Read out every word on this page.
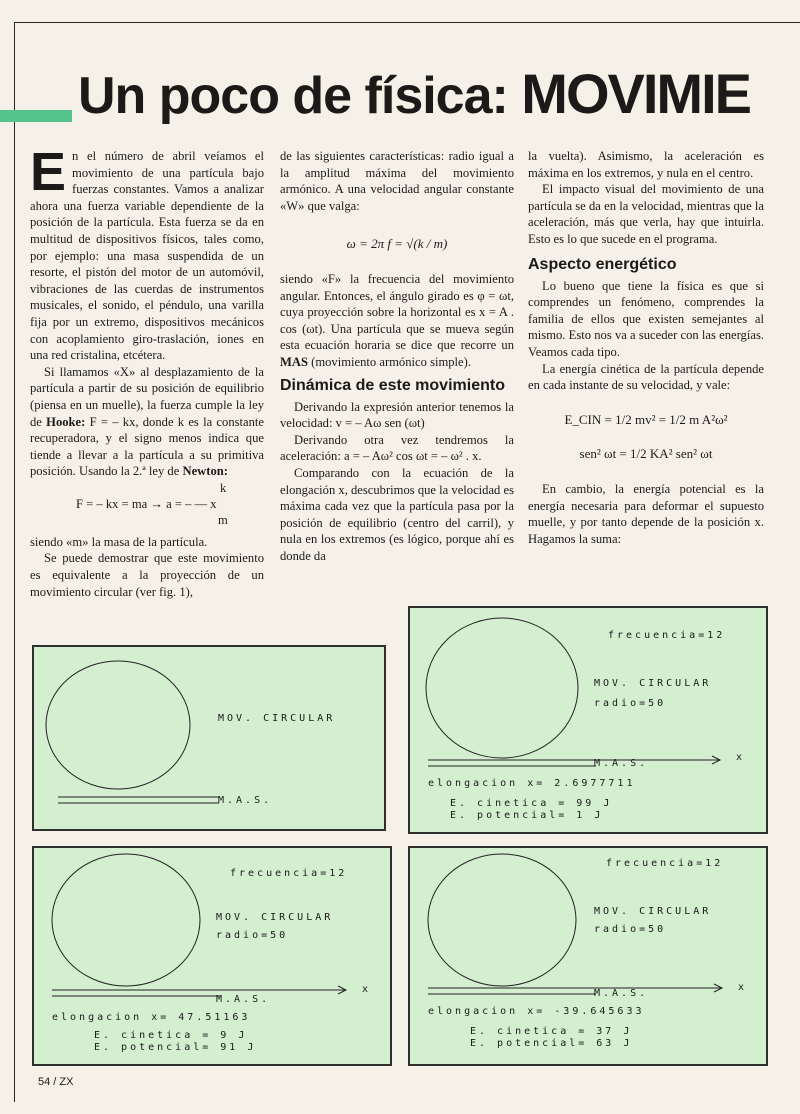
Un poco de física: MOVIMIE

En el número de abril veíamos el movimiento de una partícula bajo fuerzas constantes. Vamos a analizar ahora una fuerza variable dependiente de la posición de la partícula. Esta fuerza se da en multitud de dispositivos físicos, tales como, por ejemplo: una masa suspendida de un resorte, el pistón del motor de un automóvil, vibraciones de las cuerdas de instrumentos musicales, el sonido, el péndulo, una varilla fija por un extremo, dispositivos mecánicos con acoplamiento giro-traslación, iones en una red cristalina, etcétera.

Si llamamos «X» al desplazamiento de la partícula a partir de su posición de equilibrio (piensa en un muelle), la fuerza cumple la ley de Hooke: F = – kx, donde k es la constante recuperadora, y el signo menos indica que tiende a llevar a la partícula a su primitiva posición. Usando la 2.ª ley de Newton:

k
F = – kx = ma → a = – — x
m

siendo «m» la masa de la partícula.

Se puede demostrar que este movimiento es equivalente a la proyección de un movimiento circular (ver fig. 1),

de las siguientes características: radio igual a la amplitud máxima del movimiento armónico. A una velocidad angular constante «W» que valga:

ω = 2π f = √(k / m)

siendo «F» la frecuencia del movimiento angular. Entonces, el ángulo girado es φ = ωt, cuya proyección sobre la horizontal es x = A . cos (ωt). Una partícula que se mueva según esta ecuación horaria se dice que recorre un MAS (movimiento armónico simple).

Dinámica de este movimiento

Derivando la expresión anterior tenemos la velocidad: v = – Aω sen (ωt)

Derivando otra vez tendremos la aceleración: a = – Aω² cos ωt = – ω² . x.

Comparando con la ecuación de la elongación x, descubrimos que la velocidad es máxima cada vez que la partícula pasa por la posición de equilibrio (centro del carril), y nula en los extremos (es lógico, porque ahí es donde da

la vuelta). Asimismo, la aceleración es máxima en los extremos, y nula en el centro.

El impacto visual del movimiento de una partícula se da en la velocidad, mientras que la aceleración, más que verla, hay que intuirla. Esto es lo que sucede en el programa.

Aspecto energético

Lo bueno que tiene la física es que si comprendes un fenómeno, comprendes la familia de ellos que existen semejantes al mismo. Esto nos va a suceder con las energías. Veamos cada tipo.

La energía cinética de la partícula depende en cada instante de su velocidad, y vale:

E_CIN = 1/2 mv² = 1/2 m A²ω²
sen² ωt = 1/2 KA² sen² ωt

En cambio, la energía potencial es la energía necesaria para deformar el supuesto muelle, y por tanto depende de la posición x. Hagamos la suma:

MOV. CIRCULAR
M.A.S.
frecuencia=12
MOV. CIRCULAR
radio=50
M.A.S.
x
elongacion x= 2.6977711
E. cinetica = 99 J
E. potencial= 1 J
frecuencia=12
MOV. CIRCULAR
radio=50
M.A.S.
x
elongacion x= 47.51163
E. cinetica = 9 J
E. potencial= 91 J
frecuencia=12
MOV. CIRCULAR
radio=50
M.A.S.
x
elongacion x= -39.645633
E. cinetica = 37 J
E. potencial= 63 J
54 / ZX
